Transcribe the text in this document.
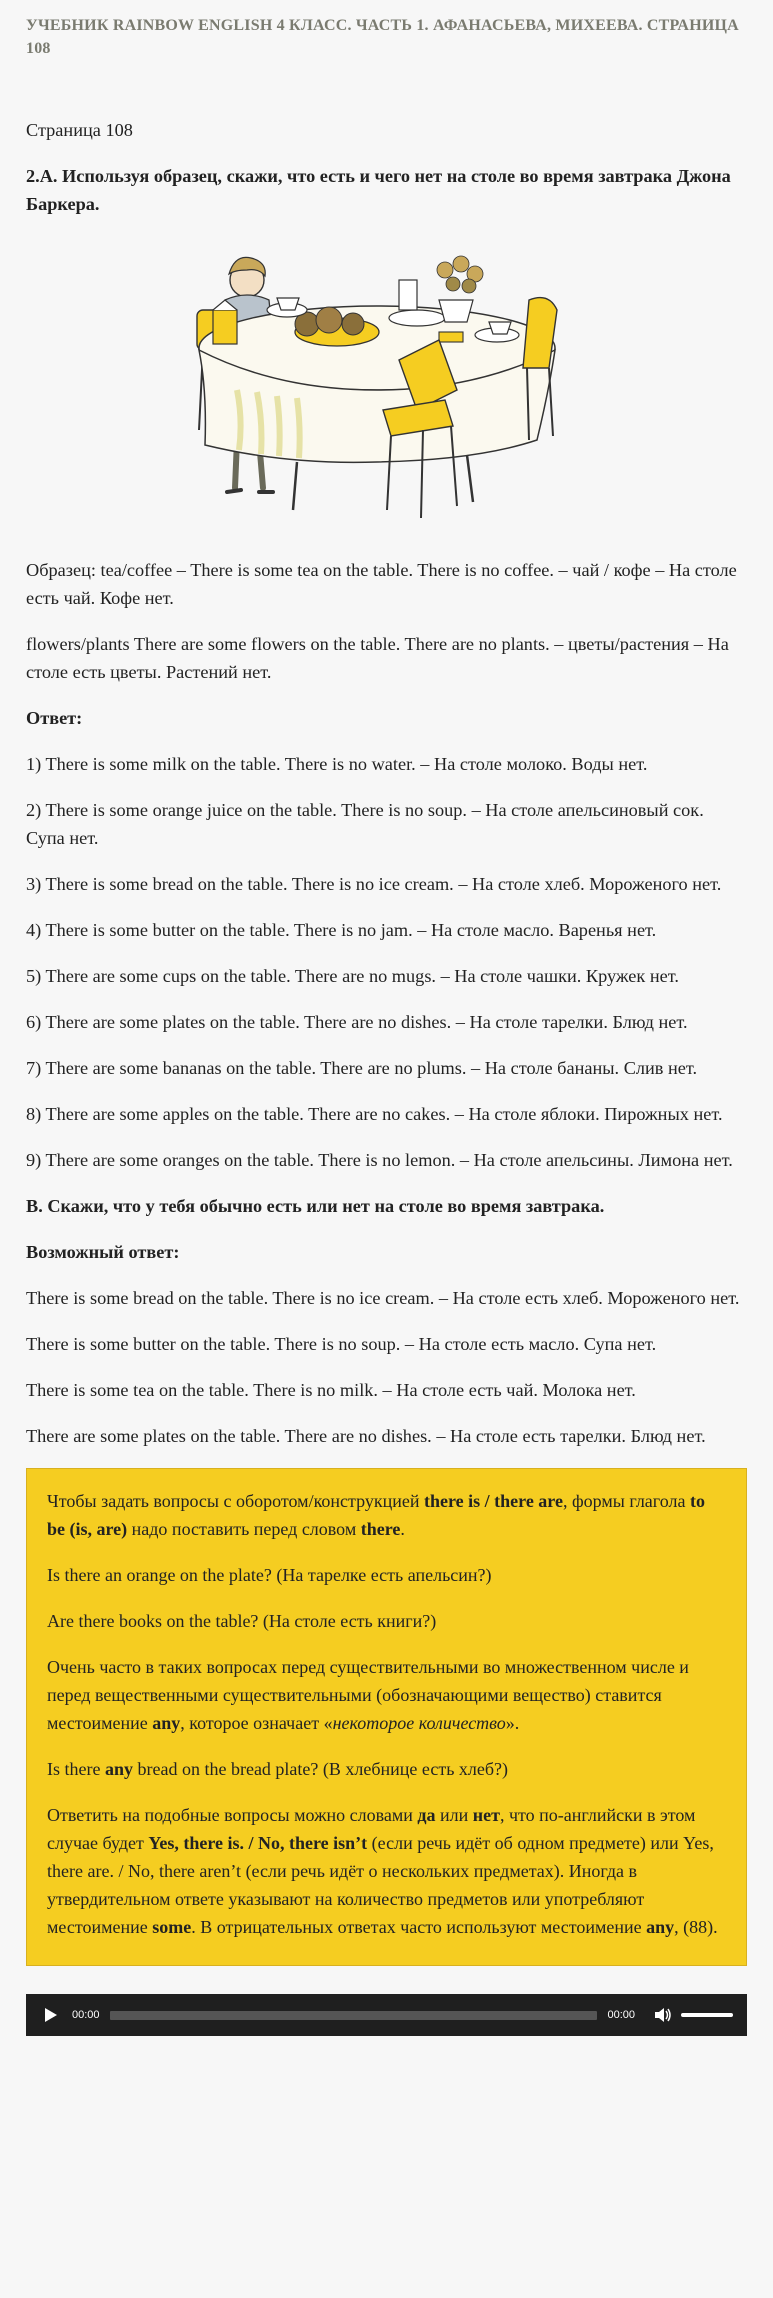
УЧЕБНИК RAINBOW ENGLISH 4 КЛАСС. ЧАСТЬ 1. АФАНАСЬЕВА, МИХЕЕВА. СТРАНИЦА 108

Страница 108

2.А. Используя образец, скажи, что есть и чего нет на столе во время завтрака Джона Баркера.

Образец: tea/coffee – There is some tea on the table. There is no coffee. – чай / кофе – На столе есть чай. Кофе нет.

flowers/plants There are some flowers on the table. There are no plants. – цветы/растения – На столе есть цветы. Растений нет.

Ответ:

1) There is some milk on the table. There is no water. – На столе молоко. Воды нет.

2) There is some orange juice on the table. There is no soup. – На столе апельсиновый сок. Супа нет.

3) There is some bread on the table. There is no ice cream. – На столе хлеб. Мороженого нет.

4) There is some butter on the table. There is no jam. – На столе масло. Варенья нет.

5) There are some cups on the table. There are no mugs. – На столе чашки. Кружек нет.

6) There are some plates on the table. There are no dishes. – На столе тарелки. Блюд нет.

7) There are some bananas on the table. There are no plums. – На столе бананы. Слив нет.

8) There are some apples on the table. There are no cakes. – На столе яблоки. Пирожных нет.

9) There are some oranges on the table. There is no lemon. – На столе апельсины. Лимона нет.

В. Скажи, что у тебя обычно есть или нет на столе во время завтрака.

Возможный ответ:

There is some bread on the table. There is no ice cream. – На столе есть хлеб. Мороженого нет.

There is some butter on the table. There is no soup. – На столе есть масло. Супа нет.

There is some tea on the table. There is no milk. – На столе есть чай. Молока нет.

There are some plates on the table. There are no dishes. – На столе есть тарелки. Блюд нет.

Чтобы задать вопросы с оборотом/конструкцией there is / there are, формы глагола to be (is, are) надо поставить перед словом there.

Is there an orange on the plate? (На тарелке есть апельсин?)

Are there books on the table? (На столе есть книги?)

Очень часто в таких вопросах перед существительными во множественном числе и перед вещественными существительными (обозначающими вещество) ставится местоимение any, которое означает «некоторое количество».

Is there any bread on the bread plate? (В хлебнице есть хлеб?)

Ответить на подобные вопросы можно словами да или нет, что по-английски в этом случае будет Yes, there is. / No, there isn’t (если речь идёт об одном предмете) или Yes, there are. / No, there aren’t (если речь идёт о нескольких предметах). Иногда в утвердительном ответе указывают на количество предметов или употребляют местоимение some. В отрицательных ответах часто используют местоимение any, (88).

00:00	00:00
